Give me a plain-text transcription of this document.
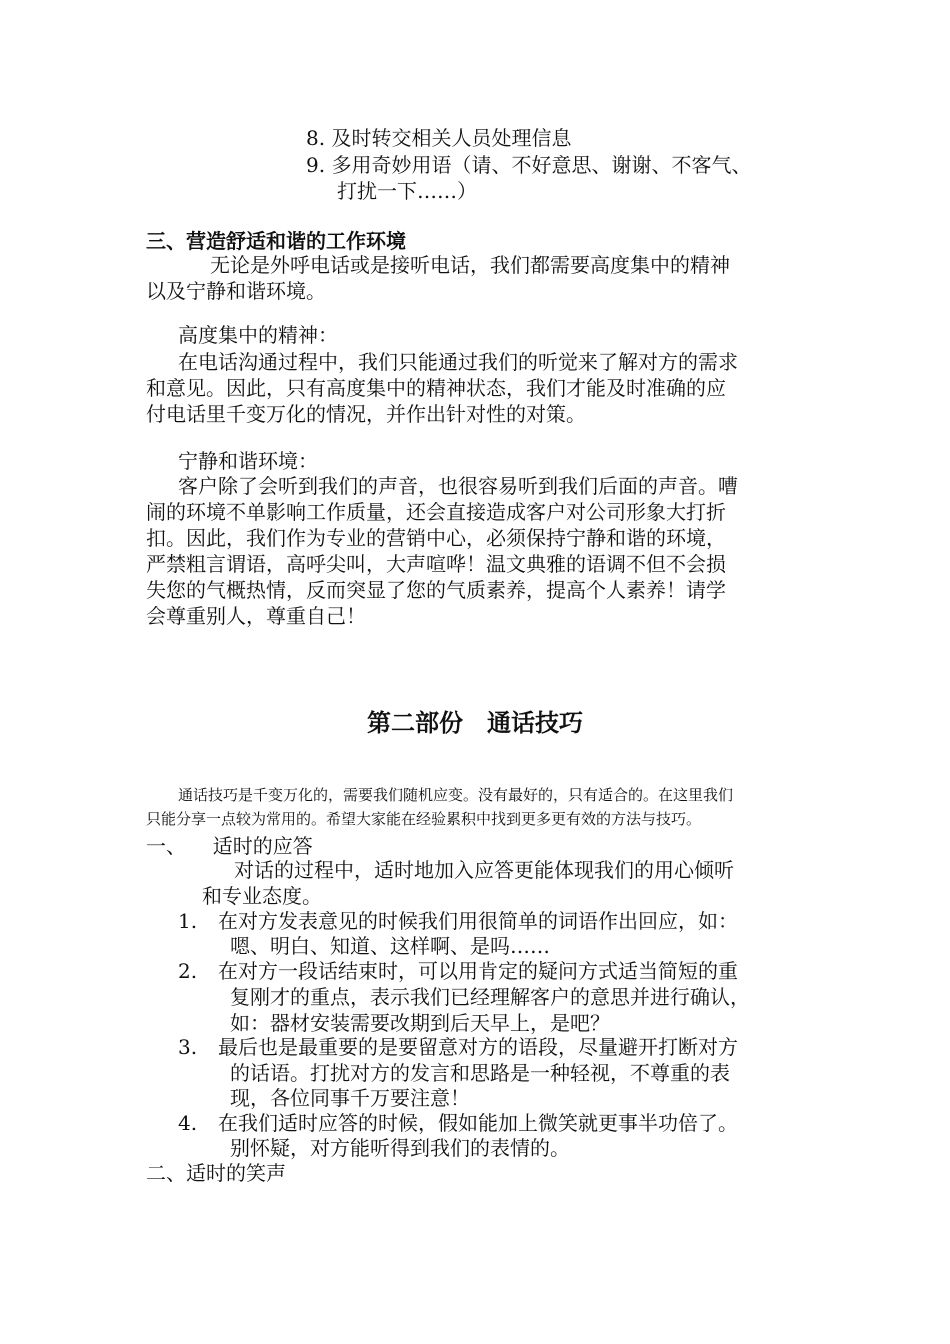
8. 及时转交相关人员处理信息
9. 多用奇妙用语（请、不好意思、谢谢、不客气、
打扰一下……）
三、营造舒适和谐的工作环境
无论是外呼电话或是接听电话，我们都需要高度集中的精神
以及宁静和谐环境。
高度集中的精神：
在电话沟通过程中，我们只能通过我们的听觉来了解对方的需求
和意见。因此，只有高度集中的精神状态，我们才能及时准确的应
付电话里千变万化的情况，并作出针对性的对策。
宁静和谐环境：
客户除了会听到我们的声音，也很容易听到我们后面的声音。嘈
闹的环境不单影响工作质量，还会直接造成客户对公司形象大打折
扣。因此，我们作为专业的营销中心，必须保持宁静和谐的环境，
严禁粗言谓语，高呼尖叫，大声喧哗！温文典雅的语调不但不会损
失您的气概热情，反而突显了您的气质素养，提高个人素养！请学
会尊重别人，尊重自己！
第二部份　通话技巧
通话技巧是千变万化的，需要我们随机应变。没有最好的，只有适合的。在这里我们
只能分享一点较为常用的。希望大家能在经验累积中找到更多更有效的方法与技巧。
一、 适时的应答
对话的过程中，适时地加入应答更能体现我们的用心倾听
和专业态度。
1. 在对方发表意见的时候我们用很简单的词语作出回应，如：
嗯、明白、知道、这样啊、是吗……
2. 在对方一段话结束时，可以用肯定的疑问方式适当简短的重
复刚才的重点，表示我们已经理解客户的意思并进行确认，
如：器材安装需要改期到后天早上，是吧？
3. 最后也是最重要的是要留意对方的语段，尽量避开打断对方
的话语。打扰对方的发言和思路是一种轻视，不尊重的表
现，各位同事千万要注意！
4. 在我们适时应答的时候，假如能加上微笑就更事半功倍了。
别怀疑，对方能听得到我们的表情的。
二、适时的笑声
